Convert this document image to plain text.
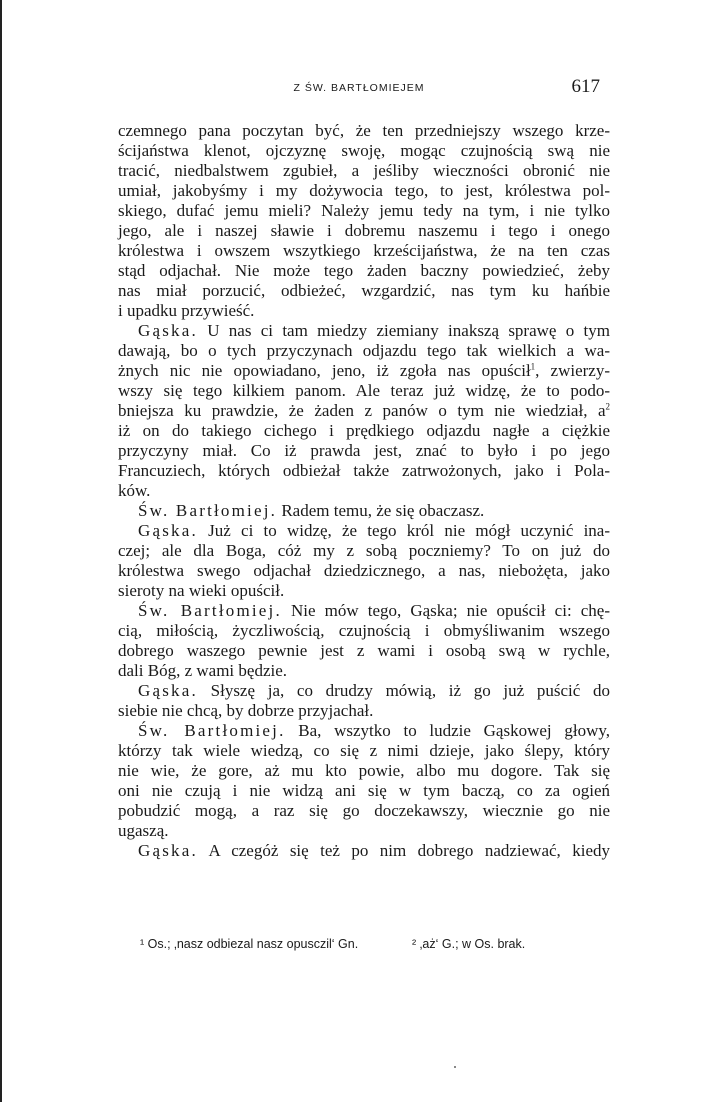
Z ŚW. BARTŁOMIEJEM	617
czemnego pana poczytan być, że ten przedniejszy wszego krze-
ścijaństwa klenot, ojczyznę swoję, mogąc czujnością swą nie
tracić, niedbalstwem zgubieł, a jeśliby wieczności obronić nie
umiał, jakobyśmy i my dożywocia tego, to jest, królestwa pol-
skiego, dufać jemu mieli? Należy jemu tedy na tym, i nie tylko
jego, ale i naszej sławie i dobremu naszemu i tego i onego
królestwa i owszem wszytkiego krześcijaństwa, że na ten czas
stąd odjachał. Nie może tego żaden baczny powiedzieć, żeby
nas miał porzucić, odbieżeć, wzgardzić, nas tym ku hańbie
i upadku przywieść.
Gąska. U nas ci tam miedzy ziemiany inakszą sprawę o tym
dawają, bo o tych przyczynach odjazdu tego tak wielkich a wa-
żnych nic nie opowiadano, jeno, iż zgoła nas opuścił$^1$, zwierzy-
wszy się tego kilkiem panom. Ale teraz już widzę, że to podo-
bniejsza ku prawdzie, że żaden z panów o tym nie wiedział, $a^2$
iż on do takiego cichego i prędkiego odjazdu nagłe a ciężkie
przyczyny miał. Co iż prawda jest, znać to było i po jego
Francuziech, których odbieżał także zatrwożonych, jako i Pola-
ków.
Św. Bartłomiej. Radem temu, że się obaczasz.
Gąska. Już ci to widzę, że tego król nie mógł uczynić ina-
czej; ale dla Boga, cóż my z sobą poczniemy? To on już do
królestwa swego odjachał dziedzicznego, a nas, niebożęta, jako
sieroty na wieki opuścił.
Św. Bartłomiej. Nie mów tego, Gąska; nie opuścił ci: chę-
cią, miłością, życzliwością, czujnością i obmyśliwanim wszego
dobrego waszego pewnie jest z wami i osobą swą w rychle,
dali Bóg, z wami będzie.
Gąska. Słyszę ja, co drudzy mówią, iż go już puścić do
siebie nie chcą, by dobrze przyjachał.
Św. Bartłomiej. Ba, wszytko to ludzie Gąskowej głowy,
którzy tak wiele wiedzą, co się z nimi dzieje, jako ślepy, który
nie wie, że gore, aż mu kto powie, albo mu dogore. Tak się
oni nie czują i nie widzą ani się w tym baczą, co za ogień
pobudzić mogą, a raz się go doczekawszy, wiecznie go nie
ugaszą.
Gąska. A czegóż się też po nim dobrego nadziewać, kiedy
¹ Os.; ‚nasz odbiezal nasz opusczil‘ Gn.	² ‚aż‘ G.; w Os. brak.
